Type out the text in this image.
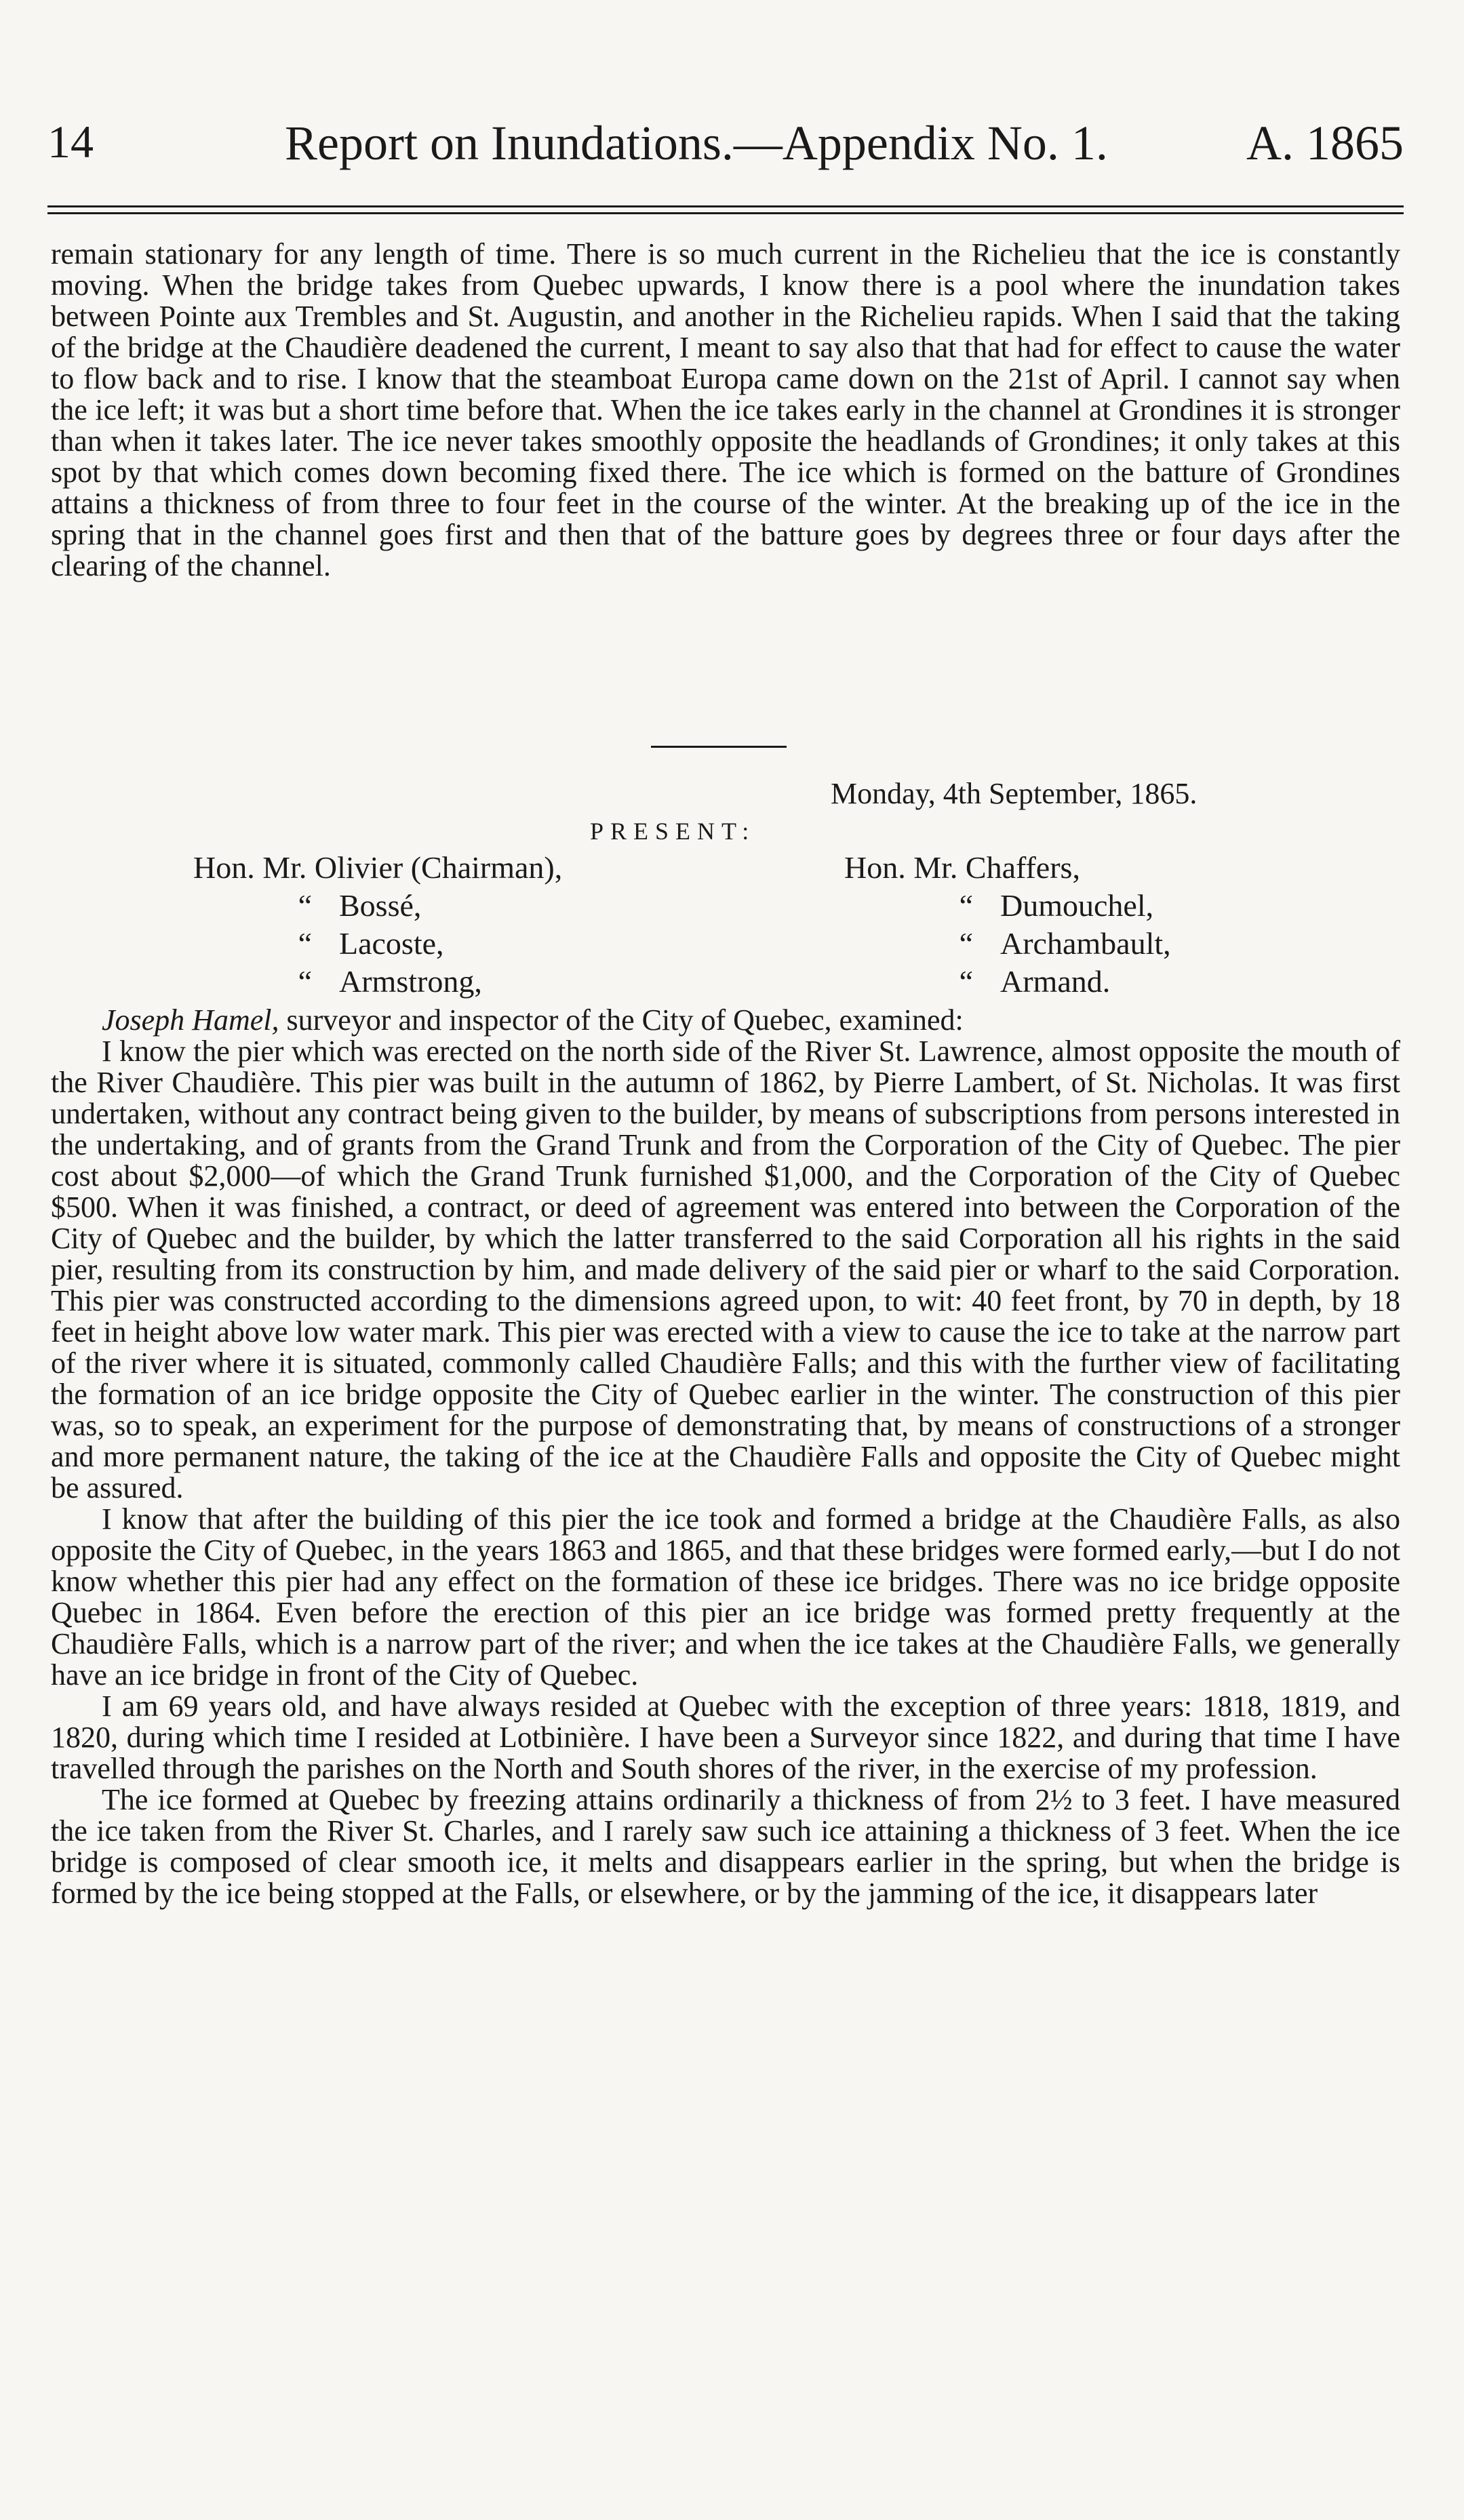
14	Report on Inundations.—Appendix No. 1.	A. 1865

remain stationary for any length of time. There is so much current in the Richelieu that the ice is constantly moving. When the bridge takes from Quebec upwards, I know there is a pool where the inundation takes between Pointe aux Trembles and St. Augustin, and another in the Richelieu rapids. When I said that the taking of the bridge at the Chaudière deadened the current, I meant to say also that that had for effect to cause the water to flow back and to rise. I know that the steamboat Europa came down on the 21st of April. I cannot say when the ice left; it was but a short time before that. When the ice takes early in the channel at Grondines it is stronger than when it takes later. The ice never takes smoothly opposite the headlands of Grondines; it only takes at this spot by that which comes down becoming fixed there. The ice which is formed on the batture of Grondines attains a thickness of from three to four feet in the course of the winter. At the breaking up of the ice in the spring that in the channel goes first and then that of the batture goes by degrees three or four days after the clearing of the channel.

Monday, 4th September, 1865.
PRESENT:
Hon. Mr.
Olivier (Chairman),
“ Bossé,
“ Lacoste,
“ Armstrong,
Hon. Mr.
Chaffers,
“ Dumouchel,
“ Archambault,
“ Armand.

Joseph Hamel, surveyor and inspector of the City of Quebec, examined:

I know the pier which was erected on the north side of the River St. Lawrence, almost opposite the mouth of the River Chaudière. This pier was built in the autumn of 1862, by Pierre Lambert, of St. Nicholas. It was first undertaken, without any contract being given to the builder, by means of subscriptions from persons interested in the undertaking, and of grants from the Grand Trunk and from the Corporation of the City of Quebec. The pier cost about $2,000—of which the Grand Trunk furnished $1,000, and the Corporation of the City of Quebec $500. When it was finished, a contract, or deed of agreement was entered into between the Corporation of the City of Quebec and the builder, by which the latter transferred to the said Corporation all his rights in the said pier, resulting from its construction by him, and made delivery of the said pier or wharf to the said Corporation. This pier was constructed according to the dimensions agreed upon, to wit: 40 feet front, by 70 in depth, by 18 feet in height above low water mark. This pier was erected with a view to cause the ice to take at the narrow part of the river where it is situated, commonly called Chaudière Falls; and this with the further view of facilitating the formation of an ice bridge opposite the City of Quebec earlier in the winter. The construction of this pier was, so to speak, an experiment for the purpose of demonstrating that, by means of constructions of a stronger and more permanent nature, the taking of the ice at the Chaudière Falls and opposite the City of Quebec might be assured.

I know that after the building of this pier the ice took and formed a bridge at the Chaudière Falls, as also opposite the City of Quebec, in the years 1863 and 1865, and that these bridges were formed early,—but I do not know whether this pier had any effect on the formation of these ice bridges. There was no ice bridge opposite Quebec in 1864. Even before the erection of this pier an ice bridge was formed pretty frequently at the Chaudière Falls, which is a narrow part of the river; and when the ice takes at the Chaudière Falls, we generally have an ice bridge in front of the City of Quebec.

I am 69 years old, and have always resided at Quebec with the exception of three years: 1818, 1819, and 1820, during which time I resided at Lotbinière. I have been a Surveyor since 1822, and during that time I have travelled through the parishes on the North and South shores of the river, in the exercise of my profession.

The ice formed at Quebec by freezing attains ordinarily a thickness of from 2½ to 3 feet. I have measured the ice taken from the River St. Charles, and I rarely saw such ice attaining a thickness of 3 feet. When the ice bridge is composed of clear smooth ice, it melts and disappears earlier in the spring, but when the bridge is formed by the ice being stopped at the Falls, or elsewhere, or by the jamming of the ice, it disappears later
